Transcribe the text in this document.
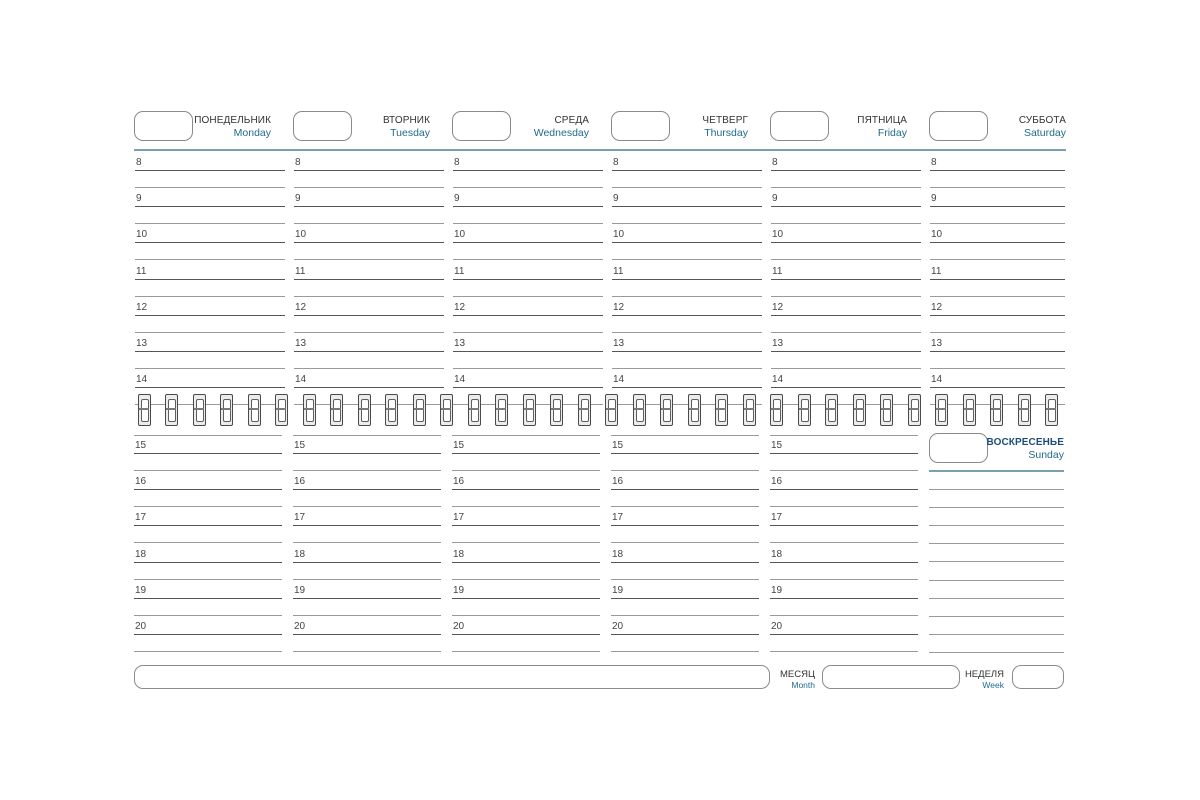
ПОНЕДЕЛЬНИК
Monday
ВТОРНИК
Tuesday
СРЕДА
Wednesday
ЧЕТВЕРГ
Thursday
ПЯТНИЦА
Friday
СУББОТА
Saturday
8	8	8	8	8	8
9	9	9	9	9	9
10	10	10	10	10	10
11	11	11	11	11	11
12	12	12	12	12	12
13	13	13	13	13	13
14	14	14	14	14	14
15	15	15	15	15
16	16	16	16	16
17	17	17	17	17
18	18	18	18	18
19	19	19	19	19
20	20	20	20	20
ВОСКРЕСЕНЬЕ
Sunday
МЕСЯЦ
Month
НЕДЕЛЯ
Week
